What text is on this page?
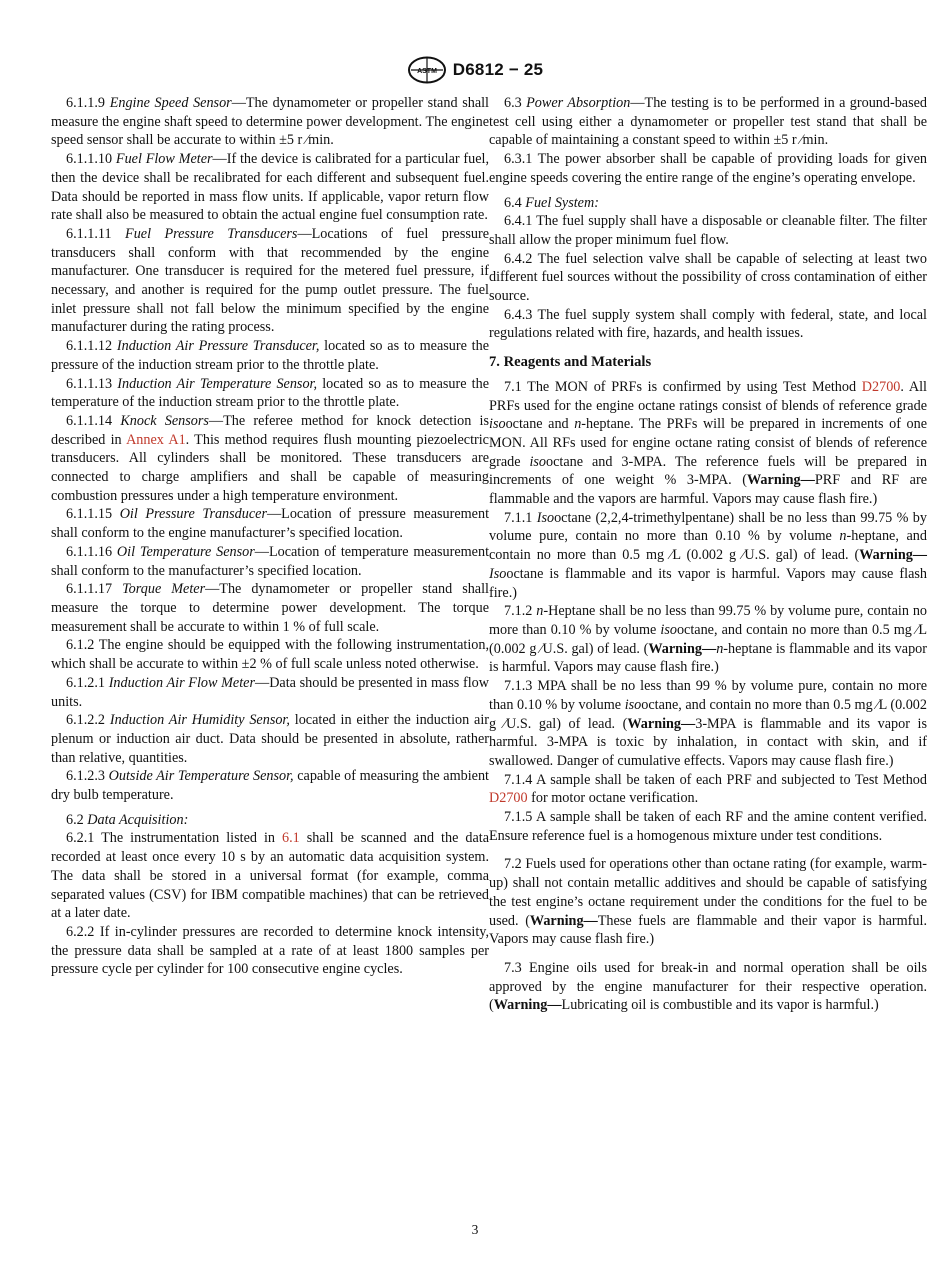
ASTM D6812 − 25

6.1.1.9 Engine Speed Sensor—The dynamometer or propeller stand shall measure the engine shaft speed to determine power development. The engine speed sensor shall be accurate to within ±5 r ⁄min.

6.1.1.10 Fuel Flow Meter—If the device is calibrated for a particular fuel, then the device shall be recalibrated for each different and subsequent fuel. Data should be reported in mass flow units. If applicable, vapor return flow rate shall also be measured to obtain the actual engine fuel consumption rate.

6.1.1.11 Fuel Pressure Transducers—Locations of fuel pressure transducers shall conform with that recommended by the engine manufacturer. One transducer is required for the metered fuel pressure, if necessary, and another is required for the pump outlet pressure. The fuel inlet pressure shall not fall below the minimum specified by the engine manufacturer during the rating process.

6.1.1.12 Induction Air Pressure Transducer, located so as to measure the pressure of the induction stream prior to the throttle plate.

6.1.1.13 Induction Air Temperature Sensor, located so as to measure the temperature of the induction stream prior to the throttle plate.

6.1.1.14 Knock Sensors—The referee method for knock detection is described in Annex A1. This method requires flush mounting piezoelectric transducers. All cylinders shall be monitored. These transducers are connected to charge amplifiers and shall be capable of measuring combustion pressures under a high temperature environment.

6.1.1.15 Oil Pressure Transducer—Location of pressure measurement shall conform to the engine manufacturer’s specified location.

6.1.1.16 Oil Temperature Sensor—Location of temperature measurement shall conform to the manufacturer’s specified location.

6.1.1.17 Torque Meter—The dynamometer or propeller stand shall measure the torque to determine power development. The torque measurement shall be accurate to within 1 % of full scale.

6.1.2 The engine should be equipped with the following instrumentation, which shall be accurate to within ±2 % of full scale unless noted otherwise.

6.1.2.1 Induction Air Flow Meter—Data should be presented in mass flow units.

6.1.2.2 Induction Air Humidity Sensor, located in either the induction air plenum or induction air duct. Data should be presented in absolute, rather than relative, quantities.

6.1.2.3 Outside Air Temperature Sensor, capable of measuring the ambient dry bulb temperature.

6.2 Data Acquisition:

6.2.1 The instrumentation listed in 6.1 shall be scanned and the data recorded at least once every 10 s by an automatic data acquisition system. The data shall be stored in a universal format (for example, comma separated values (CSV) for IBM compatible machines) that can be retrieved at a later date.

6.2.2 If in-cylinder pressures are recorded to determine knock intensity, the pressure data shall be sampled at a rate of at least 1800 samples per pressure cycle per cylinder for 100 consecutive engine cycles.

6.3 Power Absorption—The testing is to be performed in a ground-based test cell using either a dynamometer or propeller test stand that shall be capable of maintaining a constant speed to within ±5 r ⁄min.

6.3.1 The power absorber shall be capable of providing loads for given engine speeds covering the entire range of the engine’s operating envelope.

6.4 Fuel System:

6.4.1 The fuel supply shall have a disposable or cleanable filter. The filter shall allow the proper minimum fuel flow.

6.4.2 The fuel selection valve shall be capable of selecting at least two different fuel sources without the possibility of cross contamination of either source.

6.4.3 The fuel supply system shall comply with federal, state, and local regulations related with fire, hazards, and health issues.

7. Reagents and Materials

7.1 The MON of PRFs is confirmed by using Test Method D2700. All PRFs used for the engine octane ratings consist of blends of reference grade isooctane and n-heptane. The PRFs will be prepared in increments of one MON. All RFs used for engine octane rating consist of blends of reference grade isooctane and 3-MPA. The reference fuels will be prepared in increments of one weight % 3-MPA. (Warning—PRF and RF are flammable and the vapors are harmful. Vapors may cause flash fire.)

7.1.1 Isooctane (2,2,4-trimethylpentane) shall be no less than 99.75 % by volume pure, contain no more than 0.10 % by volume n-heptane, and contain no more than 0.5 mg ⁄L (0.002 g ⁄U.S. gal) of lead. (Warning—Isooctane is flammable and its vapor is harmful. Vapors may cause flash fire.)

7.1.2 n-Heptane shall be no less than 99.75 % by volume pure, contain no more than 0.10 % by volume isooctane, and contain no more than 0.5 mg ⁄L (0.002 g ⁄U.S. gal) of lead. (Warning—n-heptane is flammable and its vapor is harmful. Vapors may cause flash fire.)

7.1.3 MPA shall be no less than 99 % by volume pure, contain no more than 0.10 % by volume isooctane, and contain no more than 0.5 mg ⁄L (0.002 g ⁄U.S. gal) of lead. (Warning—3-MPA is flammable and its vapor is harmful. 3-MPA is toxic by inhalation, in contact with skin, and if swallowed. Danger of cumulative effects. Vapors may cause flash fire.)

7.1.4 A sample shall be taken of each PRF and subjected to Test Method D2700 for motor octane verification.

7.1.5 A sample shall be taken of each RF and the amine content verified. Ensure reference fuel is a homogenous mixture under test conditions.

7.2 Fuels used for operations other than octane rating (for example, warm-up) shall not contain metallic additives and should be capable of satisfying the test engine’s octane requirement under the conditions for the fuel to be used. (Warning—These fuels are flammable and their vapor is harmful. Vapors may cause flash fire.)

7.3 Engine oils used for break-in and normal operation shall be oils approved by the engine manufacturer for their respective operation. (Warning—Lubricating oil is combustible and its vapor is harmful.)

3
